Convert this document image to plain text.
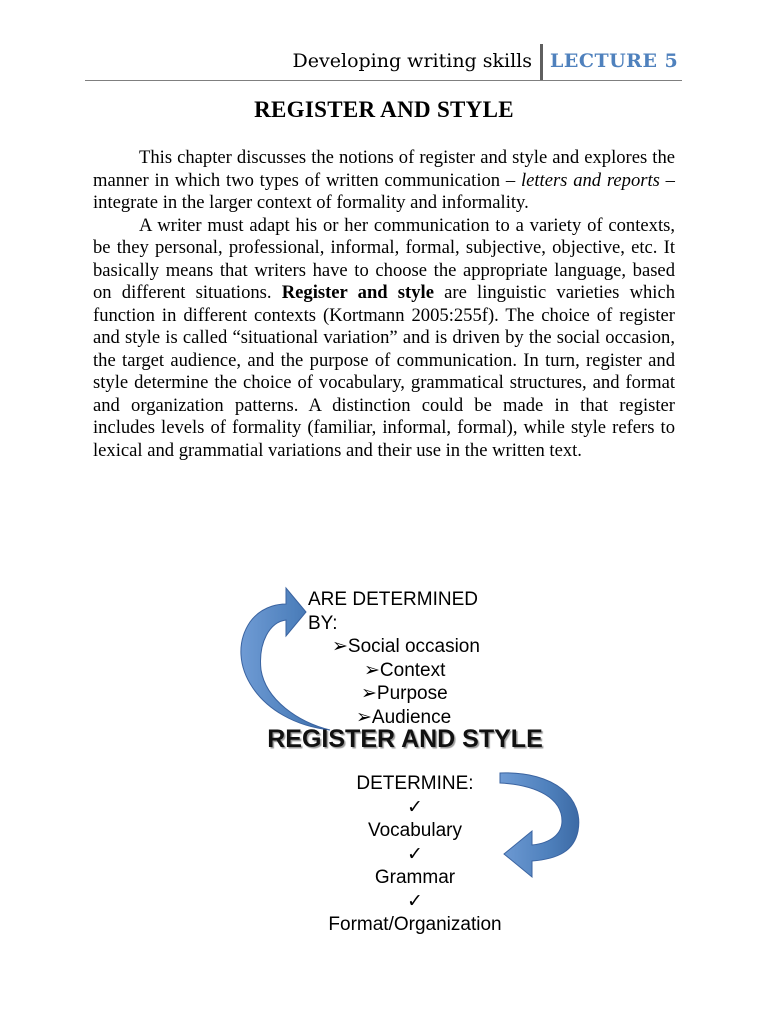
Developing writing skills LECTURE 5
REGISTER AND STYLE

This chapter discusses the notions of register and style and explores the manner in which two types of written communication – letters and reports – integrate in the larger context of formality and informality.

A writer must adapt his or her communication to a variety of contexts, be they personal, professional, informal, formal, subjective, objective, etc. It basically means that writers have to choose the appropriate language, based on different situations. Register and style are linguistic varieties which function in different contexts (Kortmann 2005:255f). The choice of register and style is called “situational variation” and is driven by the social occasion, the target audience, and the purpose of communication. In turn, register and style determine the choice of vocabulary, grammatical structures, and format and organization patterns. A distinction could be made in that register includes levels of formality (familiar, informal, formal), while style refers to lexical and grammatial variations and their use in the written text.

ARE DETERMINED BY:
➢Social occasion
➢Context
➢Purpose
➢Audience
REGISTER AND STYLE
DETERMINE:
✓
Vocabulary
✓
Grammar
✓
Format/Organization
